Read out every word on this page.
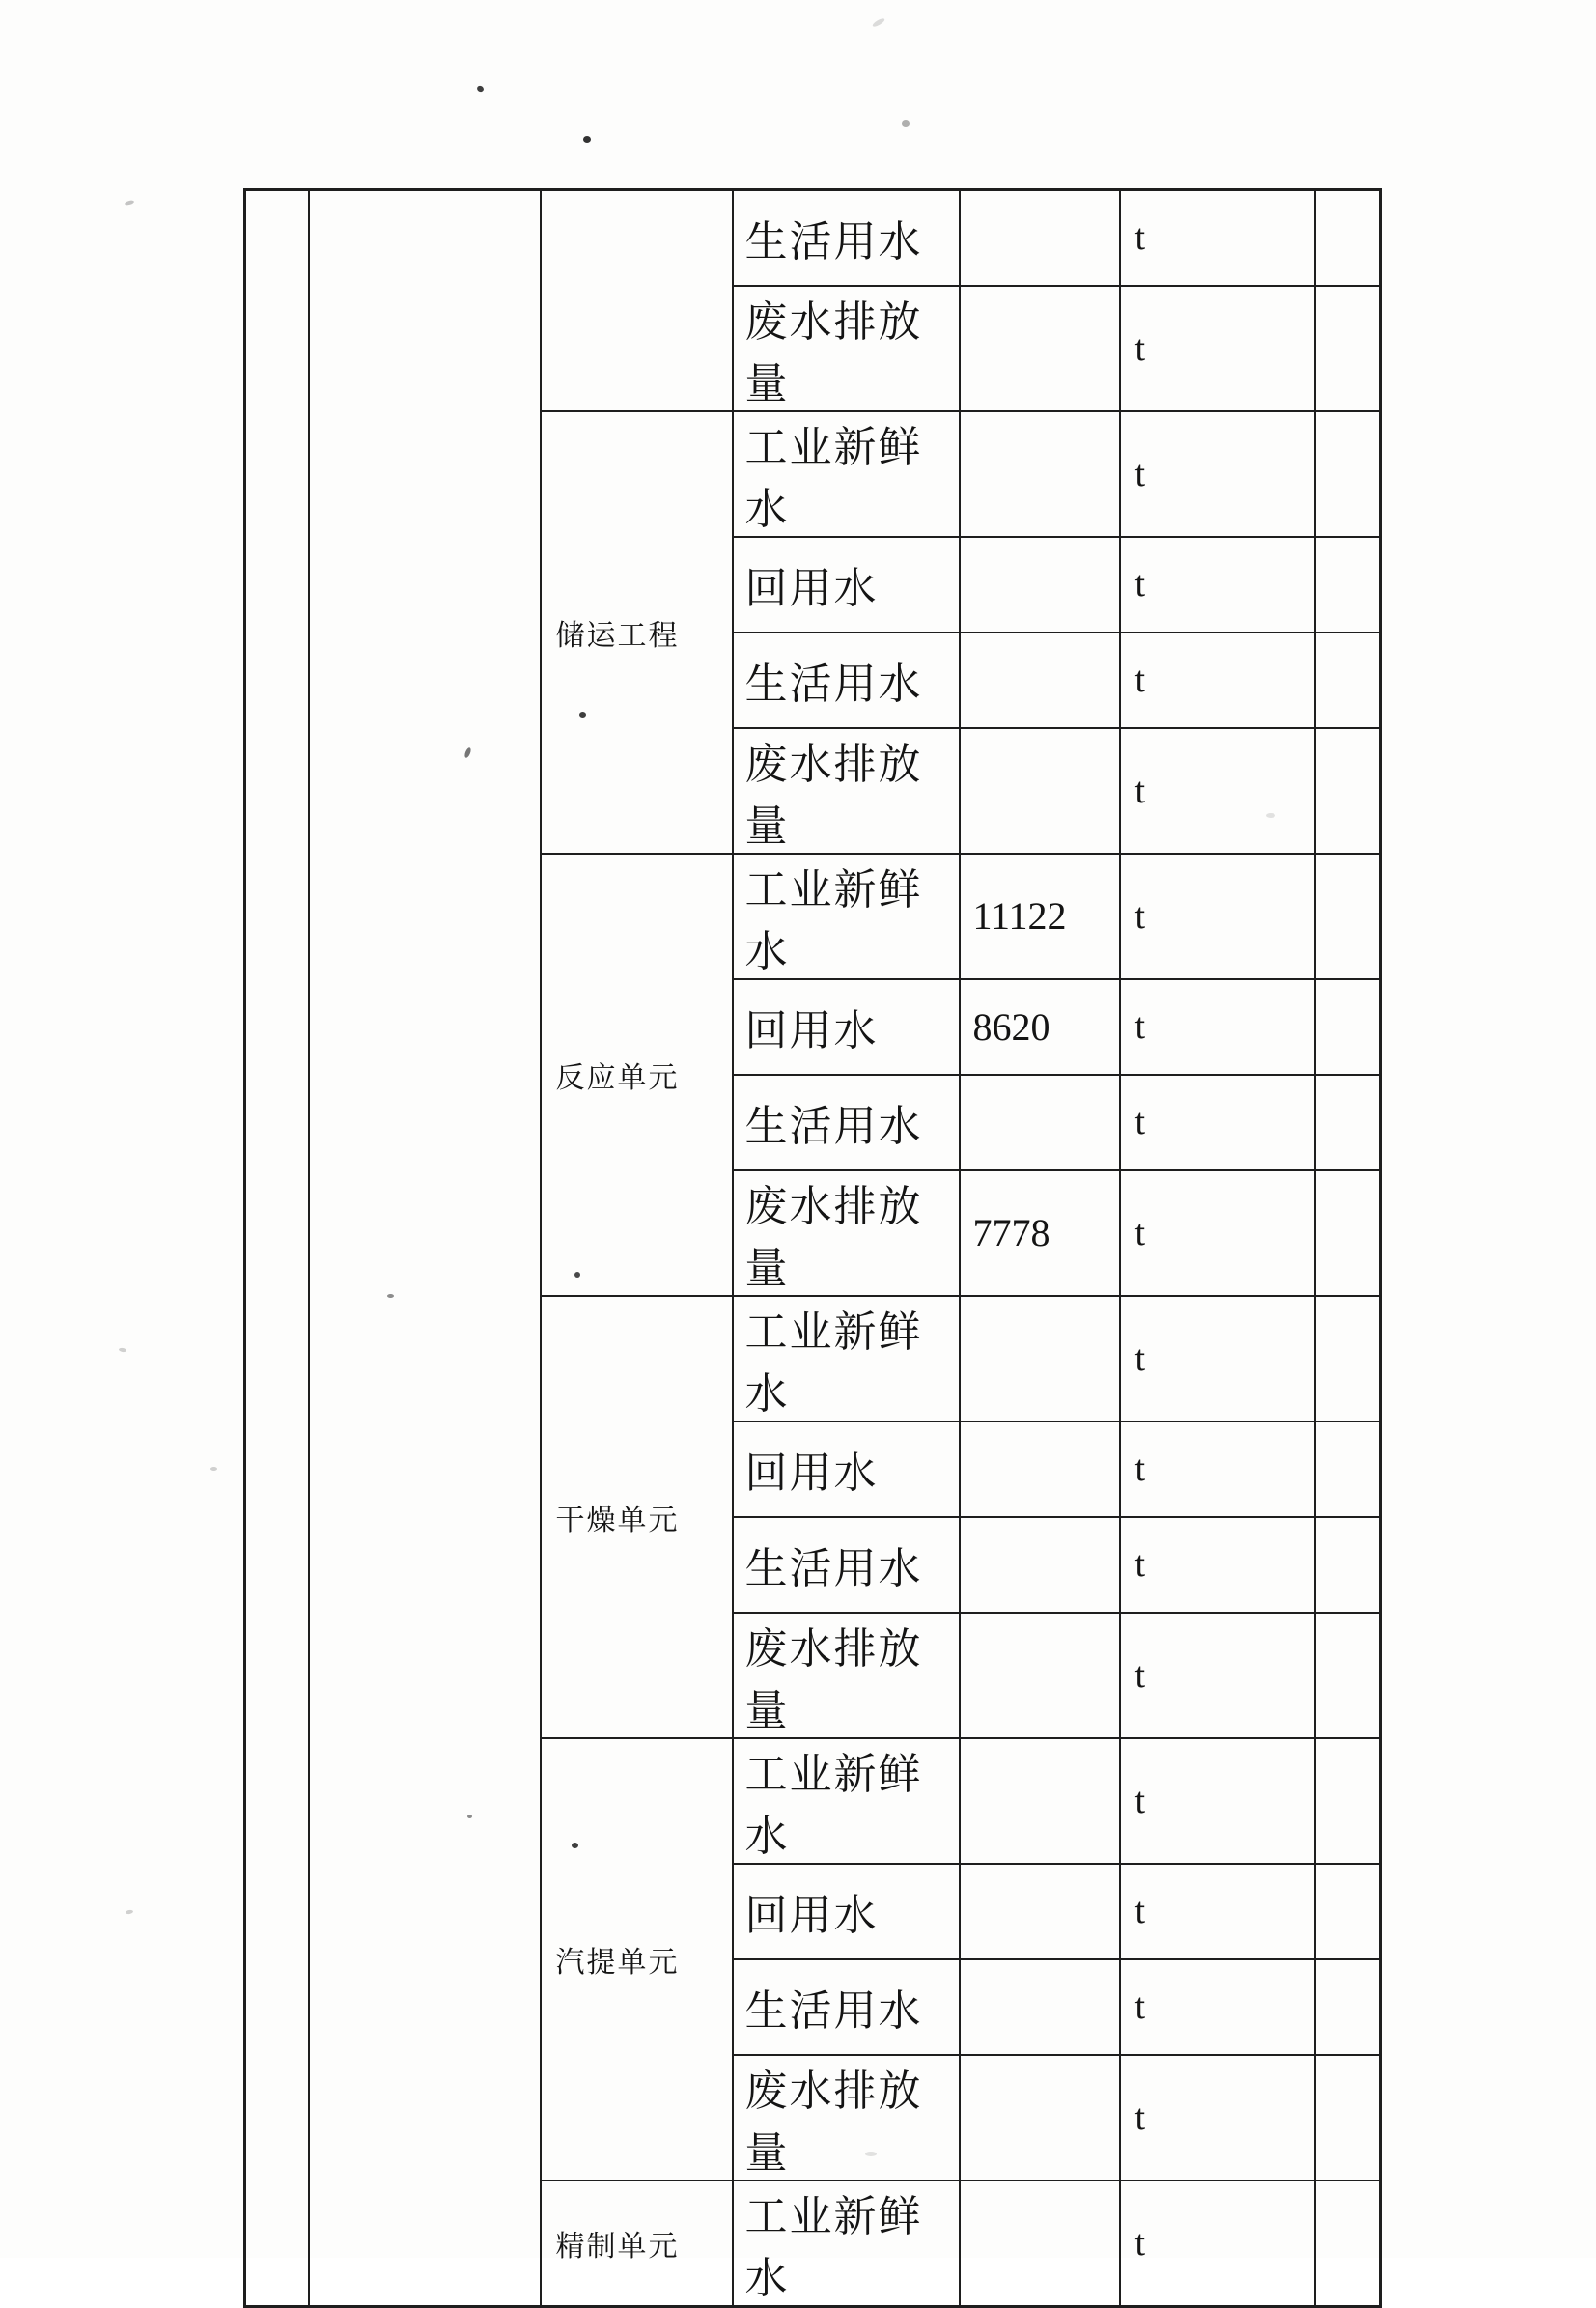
			生活用水		t	
			废水排放量		t	
		储运工程	工业新鲜水		t	
			回用水		t	
			生活用水		t	
			废水排放量		t	
		反应单元	工业新鲜水	11122	t	
			回用水	8620	t	
			生活用水		t	
			废水排放量	7778	t	
		干燥单元	工业新鲜水		t	
			回用水		t	
			生活用水		t	
			废水排放量		t	
		汽提单元	工业新鲜水		t	
			回用水		t	
			生活用水		t	
			废水排放量		t	
		精制单元	工业新鲜水		t	
